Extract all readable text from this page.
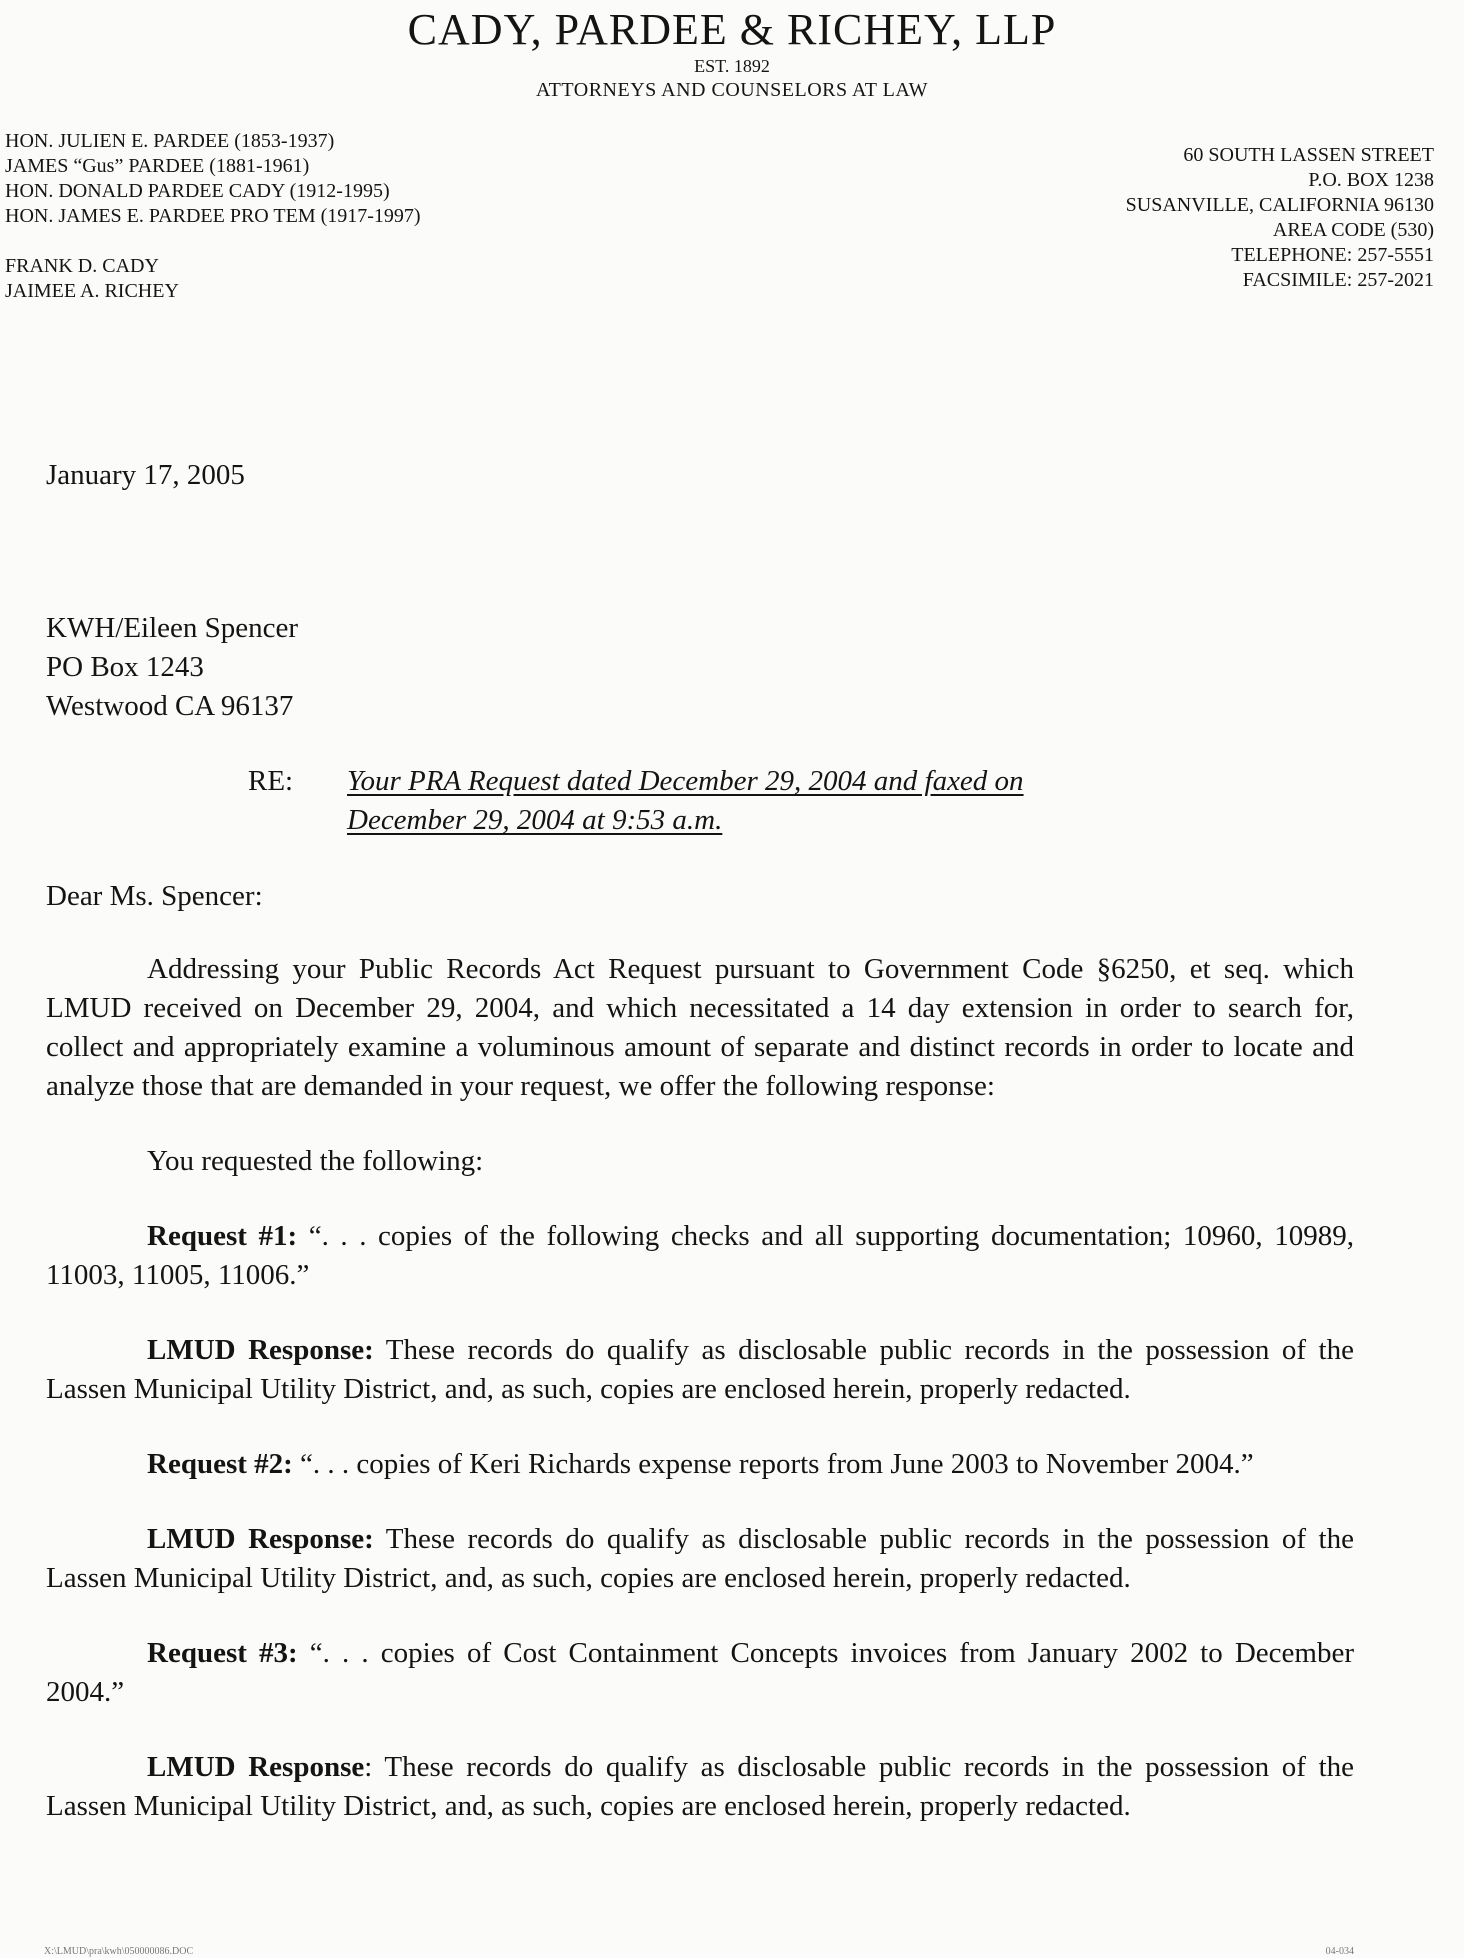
CADY, PARDEE & RICHEY, LLP
EST. 1892
ATTORNEYS AND COUNSELORS AT LAW
HON. JULIEN E. PARDEE (1853-1937)
JAMES “Gus” PARDEE (1881-1961)
HON. DONALD PARDEE CADY (1912-1995)
HON. JAMES E. PARDEE PRO TEM (1917-1997)
FRANK D. CADY
JAIMEE A. RICHEY
60 SOUTH LASSEN STREET
P.O. BOX 1238
SUSANVILLE, CALIFORNIA 96130
AREA CODE (530)
TELEPHONE: 257-5551
FACSIMILE: 257-2021
January 17, 2005
KWH/Eileen Spencer
PO Box 1243
Westwood CA 96137
RE:	Your PRA Request dated December 29, 2004 and faxed on
December 29, 2004 at 9:53 a.m.
Dear Ms. Spencer:

Addressing your Public Records Act Request pursuant to Government Code §6250, et seq. which LMUD received on December 29, 2004, and which necessitated a 14 day extension in order to search for, collect and appropriately examine a voluminous amount of separate and distinct records in order to locate and analyze those that are demanded in your request, we offer the following response:

You requested the following:

Request #1: “. . . copies of the following checks and all supporting documentation; 10960, 10989, 11003, 11005, 11006.”

LMUD Response: These records do qualify as disclosable public records in the possession of the Lassen Municipal Utility District, and, as such, copies are enclosed herein, properly redacted.

Request #2: “. . . copies of Keri Richards expense reports from June 2003 to November 2004.”

LMUD Response: These records do qualify as disclosable public records in the possession of the Lassen Municipal Utility District, and, as such, copies are enclosed herein, properly redacted.

Request #3: “. . . copies of Cost Containment Concepts invoices from January 2002 to December 2004.”

LMUD Response: These records do qualify as disclosable public records in the possession of the Lassen Municipal Utility District, and, as such, copies are enclosed herein, properly redacted.

X:\LMUD\pra\kwh\050000086.DOC	04-034
